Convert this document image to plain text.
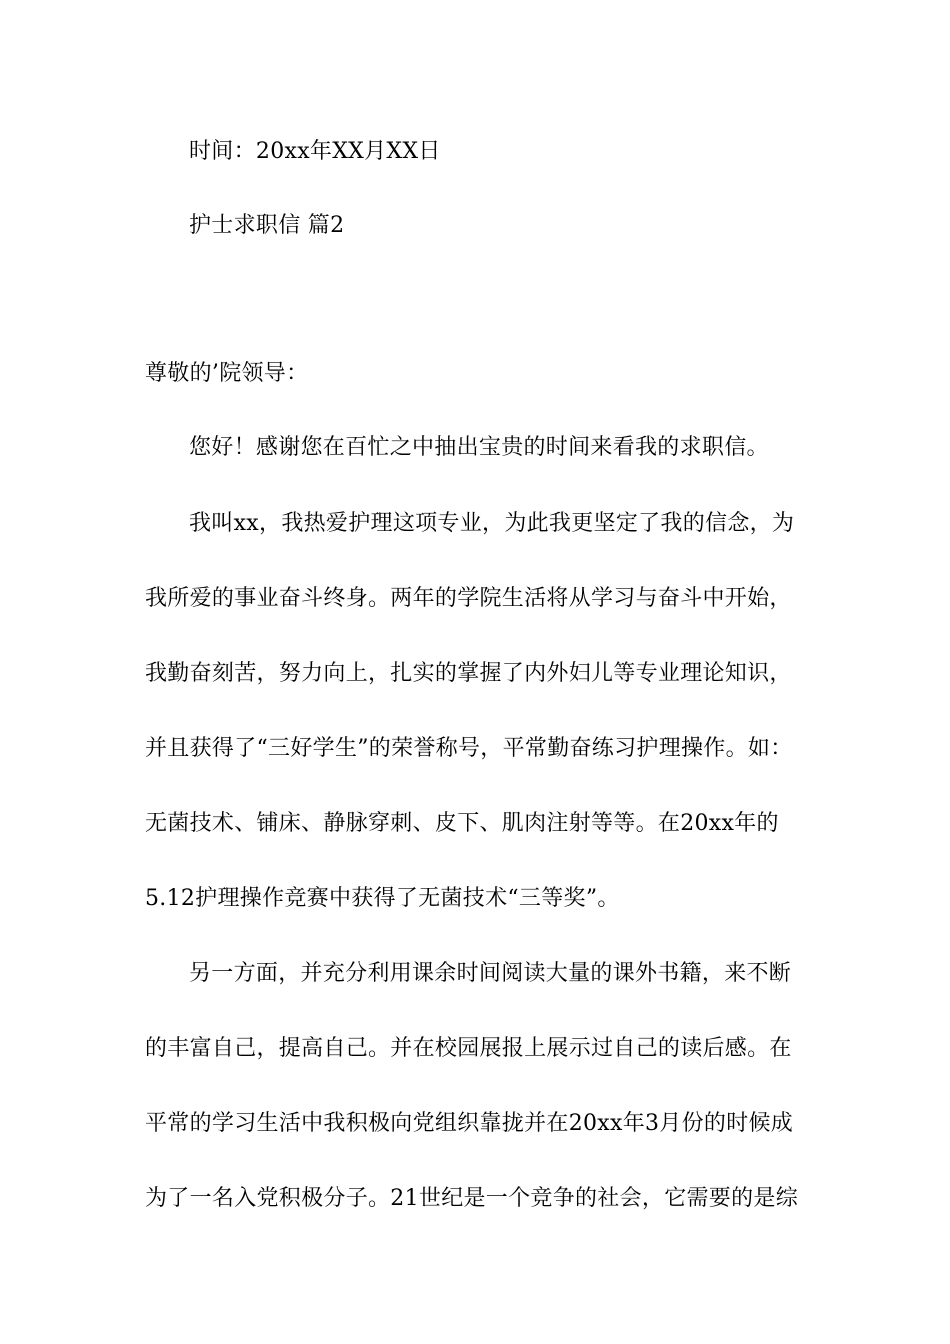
时间：20xx年XX月XX日
护士求职信 篇2
尊敬的’院领导：
您好！感谢您在百忙之中抽出宝贵的时间来看我的求职信。
我叫xx，我热爱护理这项专业，为此我更坚定了我的信念，为
我所爱的事业奋斗终身。两年的学院生活将从学习与奋斗中开始，
我勤奋刻苦，努力向上，扎实的掌握了内外妇儿等专业理论知识，
并且获得了“三好学生”的荣誉称号，平常勤奋练习护理操作。如：
无菌技术、铺床、静脉穿刺、皮下、肌肉注射等等。在20xx年的
5.12护理操作竞赛中获得了无菌技术“三等奖”。
另一方面，并充分利用课余时间阅读大量的课外书籍，来不断
的丰富自己，提高自己。并在校园展报上展示过自己的读后感。在
平常的学习生活中我积极向党组织靠拢并在20xx年3月份的时候成
为了一名入党积极分子。21世纪是一个竞争的社会，它需要的是综
